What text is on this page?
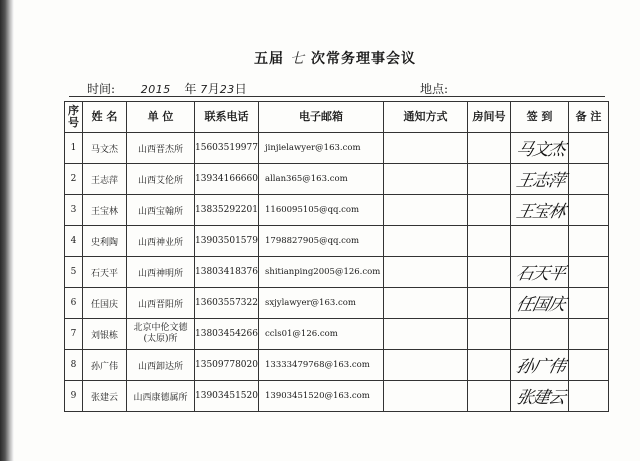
五届 七 次常务理事会议
时间: 2015 年 7月23日	地点:
序号	姓 名	单 位	联系电话	电子邮箱	通知方式	房间号	签 到	备 注
1	马文杰	山西晋杰所	15603519977	jinjielawyer@163.com			马文杰	

2	王志萍	山西艾伦所	13934166660	allan365@163.com			王志萍	

3	王宝林	山西宝翰所	13835292201	1160095105@qq.com			王宝林	

4	史利陶	山西神业所	13903501579	1798827905@qq.com			

5	石天平	山西神明所	13803418376	shitianping2005@126.com			石天平	

6	任国庆	山西晋阳所	13603557322	sxjylawyer@163.com			任国庆	

7	刘银栋	北京中伦文德
(太原)所	13803454266	ccls01@126.com			

8	孙广伟	山西卸达所	13509778020	13333479768@163.com			孙广伟	

9	张建云	山西康德属所	13903451520	13903451520@163.com			张建云	
